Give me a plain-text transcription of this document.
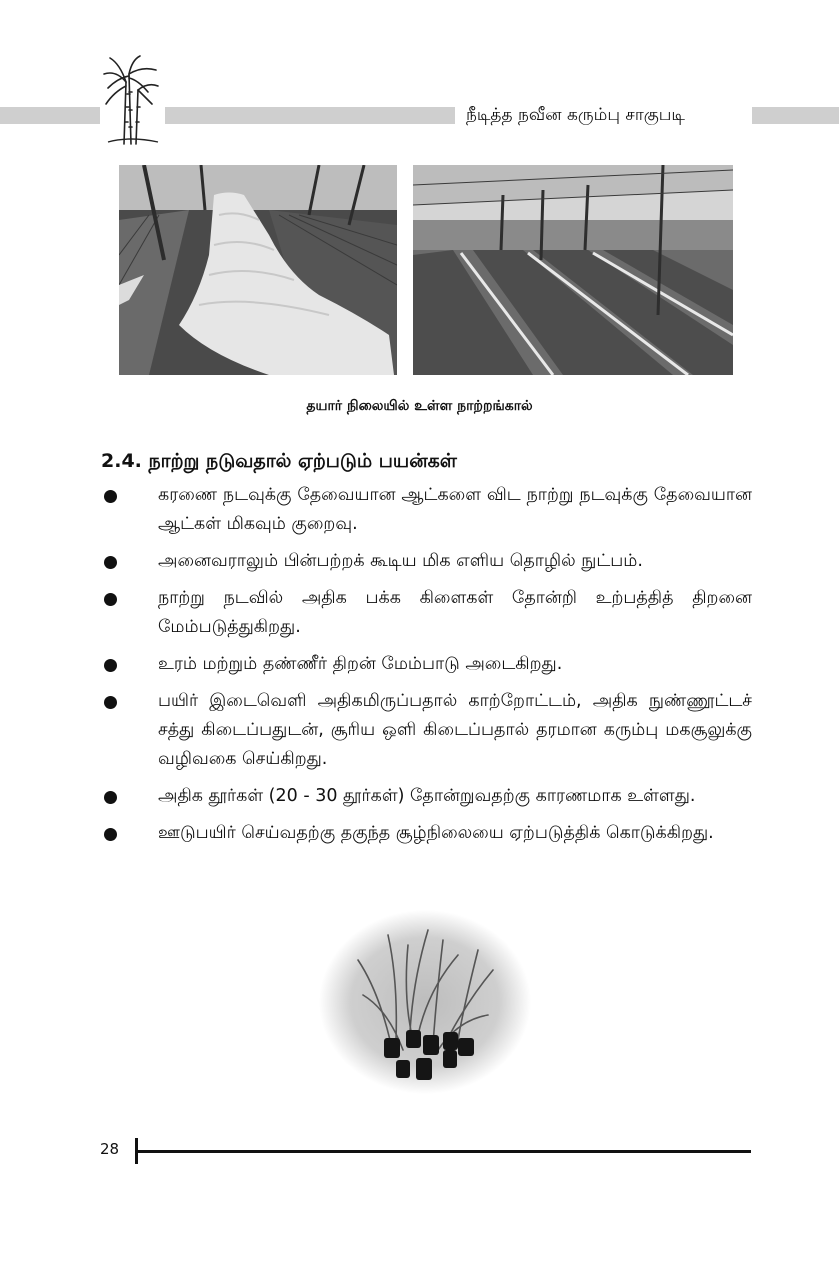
நீடித்த நவீன கரும்பு சாகுபடி
தயார் நிலையில் உள்ள நாற்றங்கால்
2.4. நாற்று நடுவதால் ஏற்படும் பயன்கள்
கரணை நடவுக்கு தேவையான ஆட்களை விட நாற்று நடவுக்கு தேவையான ஆட்கள் மிகவும் குறைவு.
அனைவராலும் பின்பற்றக் கூடிய மிக எளிய தொழில் நுட்பம்.
நாற்று நடவில் அதிக பக்க கிளைகள் தோன்றி உற்பத்தித் திறனை மேம்படுத்துகிறது.
உரம் மற்றும் தண்ணீர் திறன் மேம்பாடு அடைகிறது.
பயிர் இடைவெளி அதிகமிருப்பதால் காற்றோட்டம், அதிக நுண்ணூட்டச் சத்து கிடைப்பதுடன், சூரிய ஒளி கிடைப்பதால் தரமான கரும்பு மகசூலுக்கு வழிவகை செய்கிறது.
அதிக தூர்கள் (20 - 30 தூர்கள்) தோன்றுவதற்கு காரணமாக உள்ளது.
ஊடுபயிர் செய்வதற்கு தகுந்த சூழ்நிலையை ஏற்படுத்திக் கொடுக்கிறது.
28
